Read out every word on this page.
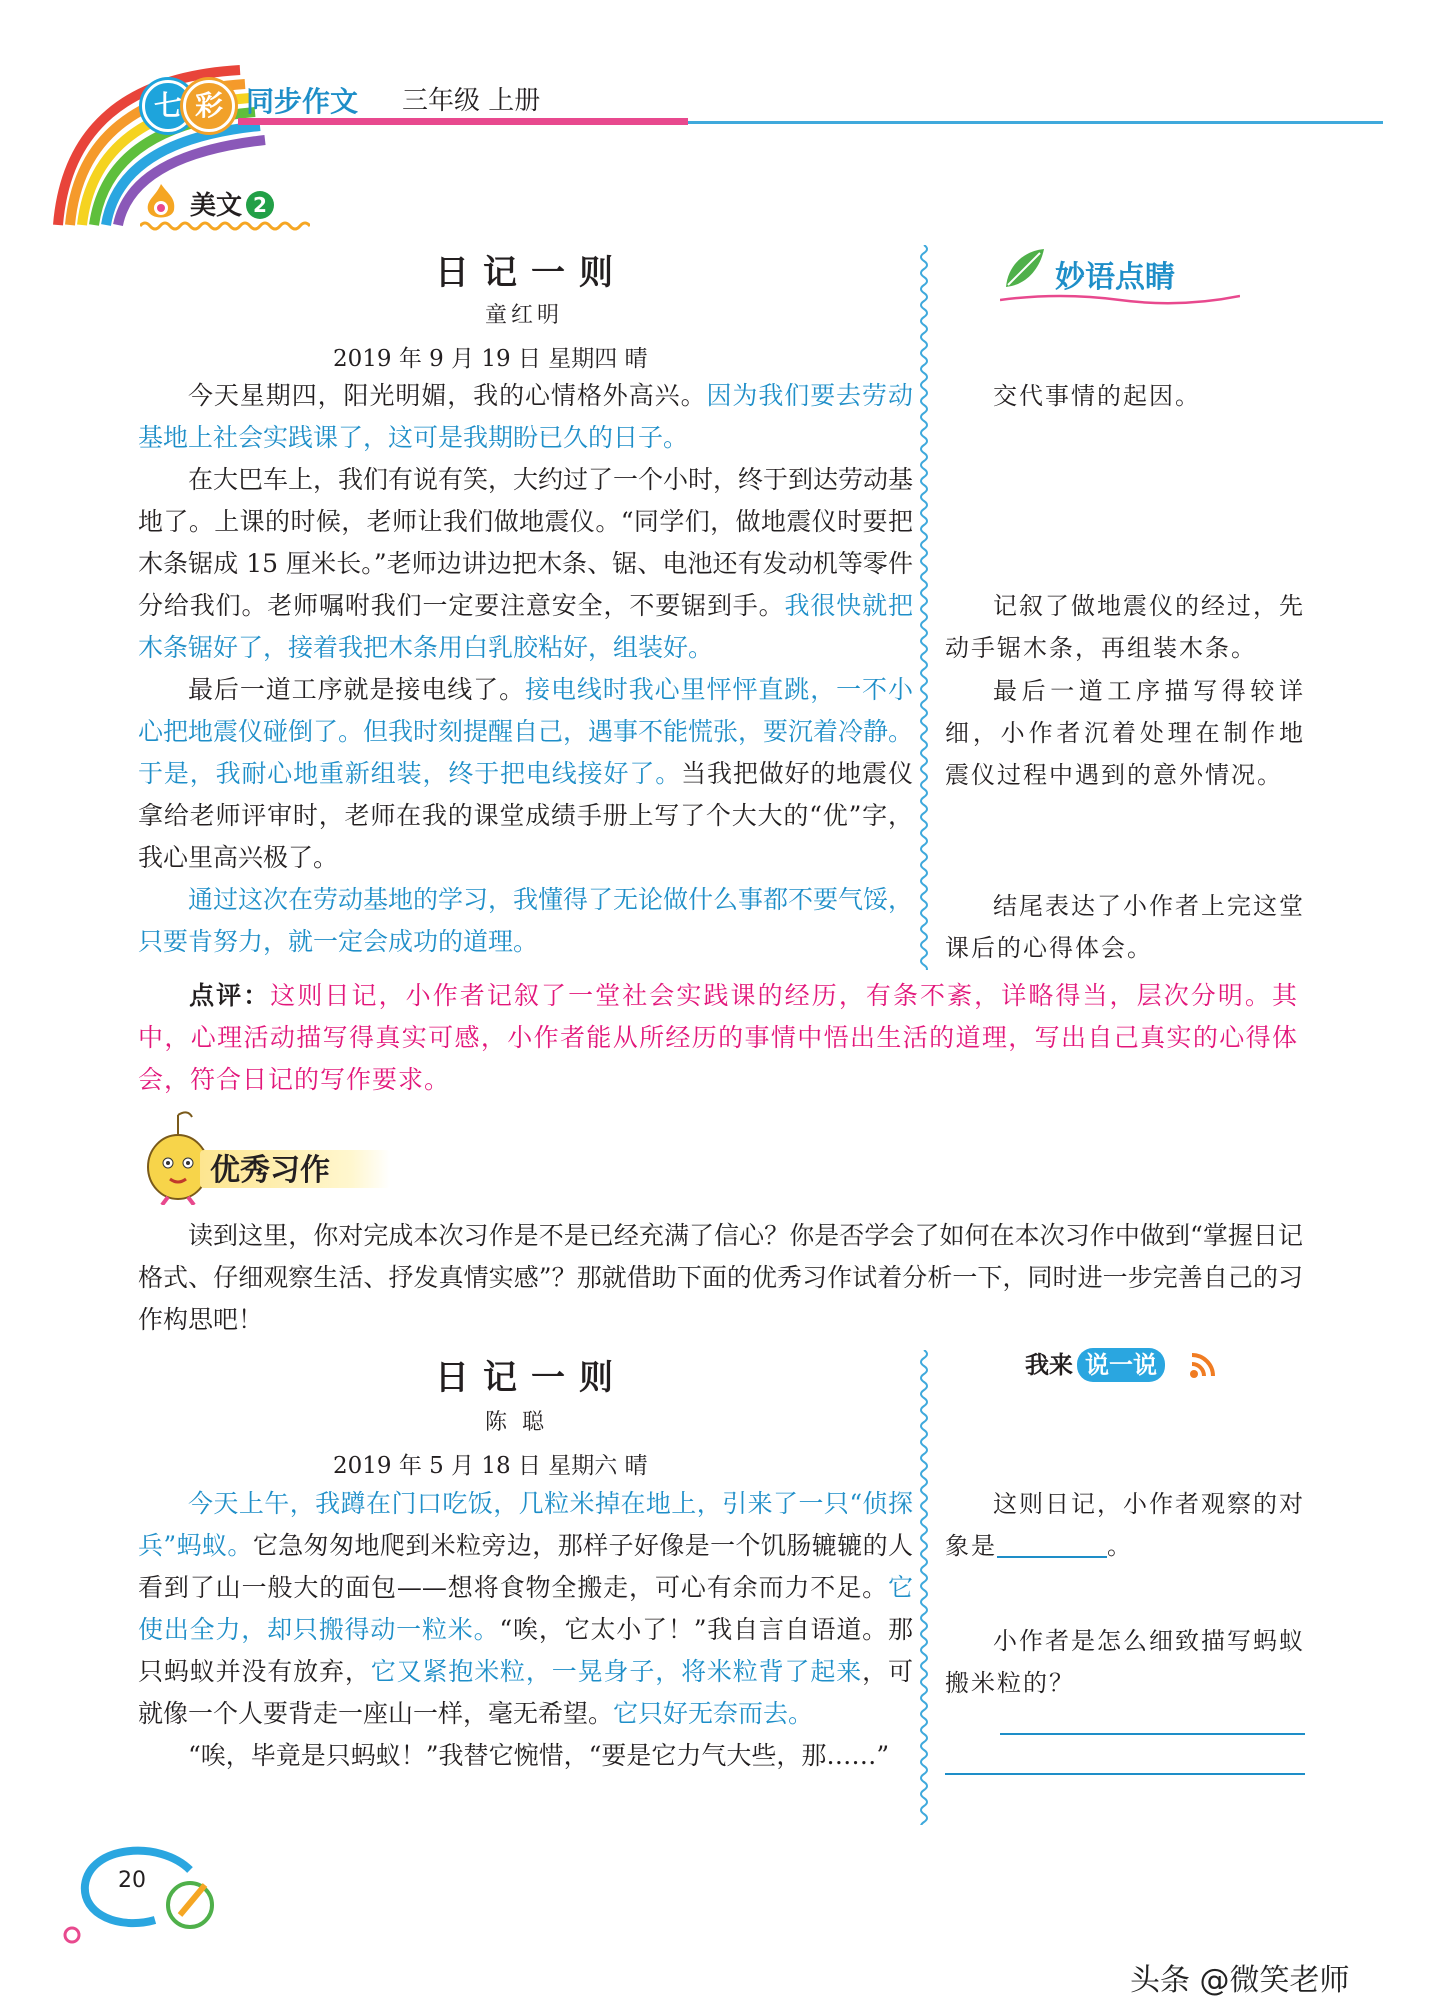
七 彩 同步作文 三年级 上册
美文 2
妙语点睛
日记一则
童红明
2019 年 9 月 19 日 星期四 晴

今天星期四，阳光明媚，我的心情格外高兴。因为我们要去劳动基地上社会实践课了，这可是我期盼已久的日子。

在大巴车上，我们有说有笑，大约过了一个小时，终于到达劳动基地了。上课的时候，老师让我们做地震仪。“同学们，做地震仪时要把木条锯成 15 厘米长。”老师边讲边把木条、锯、电池还有发动机等零件分给我们。老师嘱咐我们一定要注意安全，不要锯到手。我很快就把木条锯好了，接着我把木条用白乳胶粘好，组装好。

最后一道工序就是接电线了。接电线时我心里怦怦直跳，一不小心把地震仪碰倒了。但我时刻提醒自己，遇事不能慌张，要沉着冷静。于是，我耐心地重新组装，终于把电线接好了。当我把做好的地震仪拿给老师评审时，老师在我的课堂成绩手册上写了个大大的“优”字，我心里高兴极了。

通过这次在劳动基地的学习，我懂得了无论做什么事都不要气馁，只要肯努力，就一定会成功的道理。

交代事情的起因。

记叙了做地震仪的经过，先动手锯木条，再组装木条。

最后一道工序描写得较详细，小作者沉着处理在制作地震仪过程中遇到的意外情况。

结尾表达了小作者上完这堂课后的心得体会。

点评：这则日记，小作者记叙了一堂社会实践课的经历，有条不紊，详略得当，层次分明。其中，心理活动描写得真实可感，小作者能从所经历的事情中悟出生活的道理，写出自己真实的心得体会，符合日记的写作要求。
优秀习作

读到这里，你对完成本次习作是不是已经充满了信心？你是否学会了如何在本次习作中做到“掌握日记格式、仔细观察生活、抒发真情实感”？那就借助下面的优秀习作试着分析一下，同时进一步完善自己的习作构思吧！

我来 说一说
日记一则
陈 聪
2019 年 5 月 18 日 星期六 晴

今天上午，我蹲在门口吃饭，几粒米掉在地上，引来了一只“侦探兵”蚂蚁。它急匆匆地爬到米粒旁边，那样子好像是一个饥肠辘辘的人看到了山一般大的面包——想将食物全搬走，可心有余而力不足。它使出全力，却只搬得动一粒米。“唉，它太小了！”我自言自语道。那只蚂蚁并没有放弃，它又紧抱米粒，一晃身子，将米粒背了起来，可就像一个人要背走一座山一样，毫无希望。它只好无奈而去。

“唉，毕竟是只蚂蚁！”我替它惋惜，“要是它力气大些，那……”

这则日记，小作者观察的对象是	。

小作者是怎么细致描写蚂蚁搬米粒的？

20
头条 @微笑老师
